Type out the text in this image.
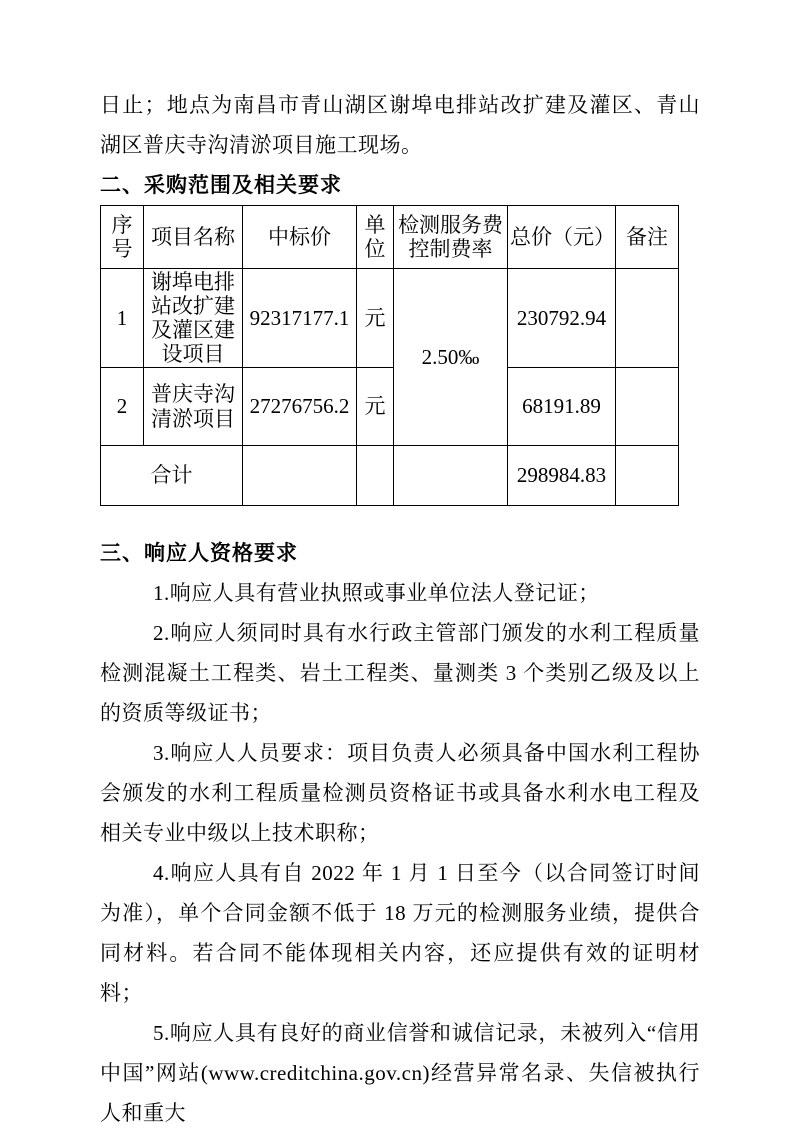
日止；地点为南昌市青山湖区谢埠电排站改扩建及灌区、青山湖区普庆寺沟清淤项目施工现场。

二、采购范围及相关要求
序号	项目名称	中标价	单位	检测服务费控制费率	总价（元）	备注
1	谢埠电排站改扩建及灌区建设项目	92317177.1	元	2.50‰	230792.94	
2	普庆寺沟清淤项目	27276756.2	元		68191.89	
合计					298984.83	
三、响应人资格要求

1.响应人具有营业执照或事业单位法人登记证；

2.响应人须同时具有水行政主管部门颁发的水利工程质量检测混凝土工程类、岩土工程类、量测类 3 个类别乙级及以上的资质等级证书；

3.响应人人员要求：项目负责人必须具备中国水利工程协会颁发的水利工程质量检测员资格证书或具备水利水电工程及相关专业中级以上技术职称；

4.响应人具有自 2022 年 1 月 1 日至今（以合同签订时间为准），单个合同金额不低于 18 万元的检测服务业绩，提供合同材料。若合同不能体现相关内容，还应提供有效的证明材料；

5.响应人具有良好的商业信誉和诚信记录，未被列入“信用中国”网站(www.creditchina.gov.cn)经营异常名录、失信被执行人和重大
